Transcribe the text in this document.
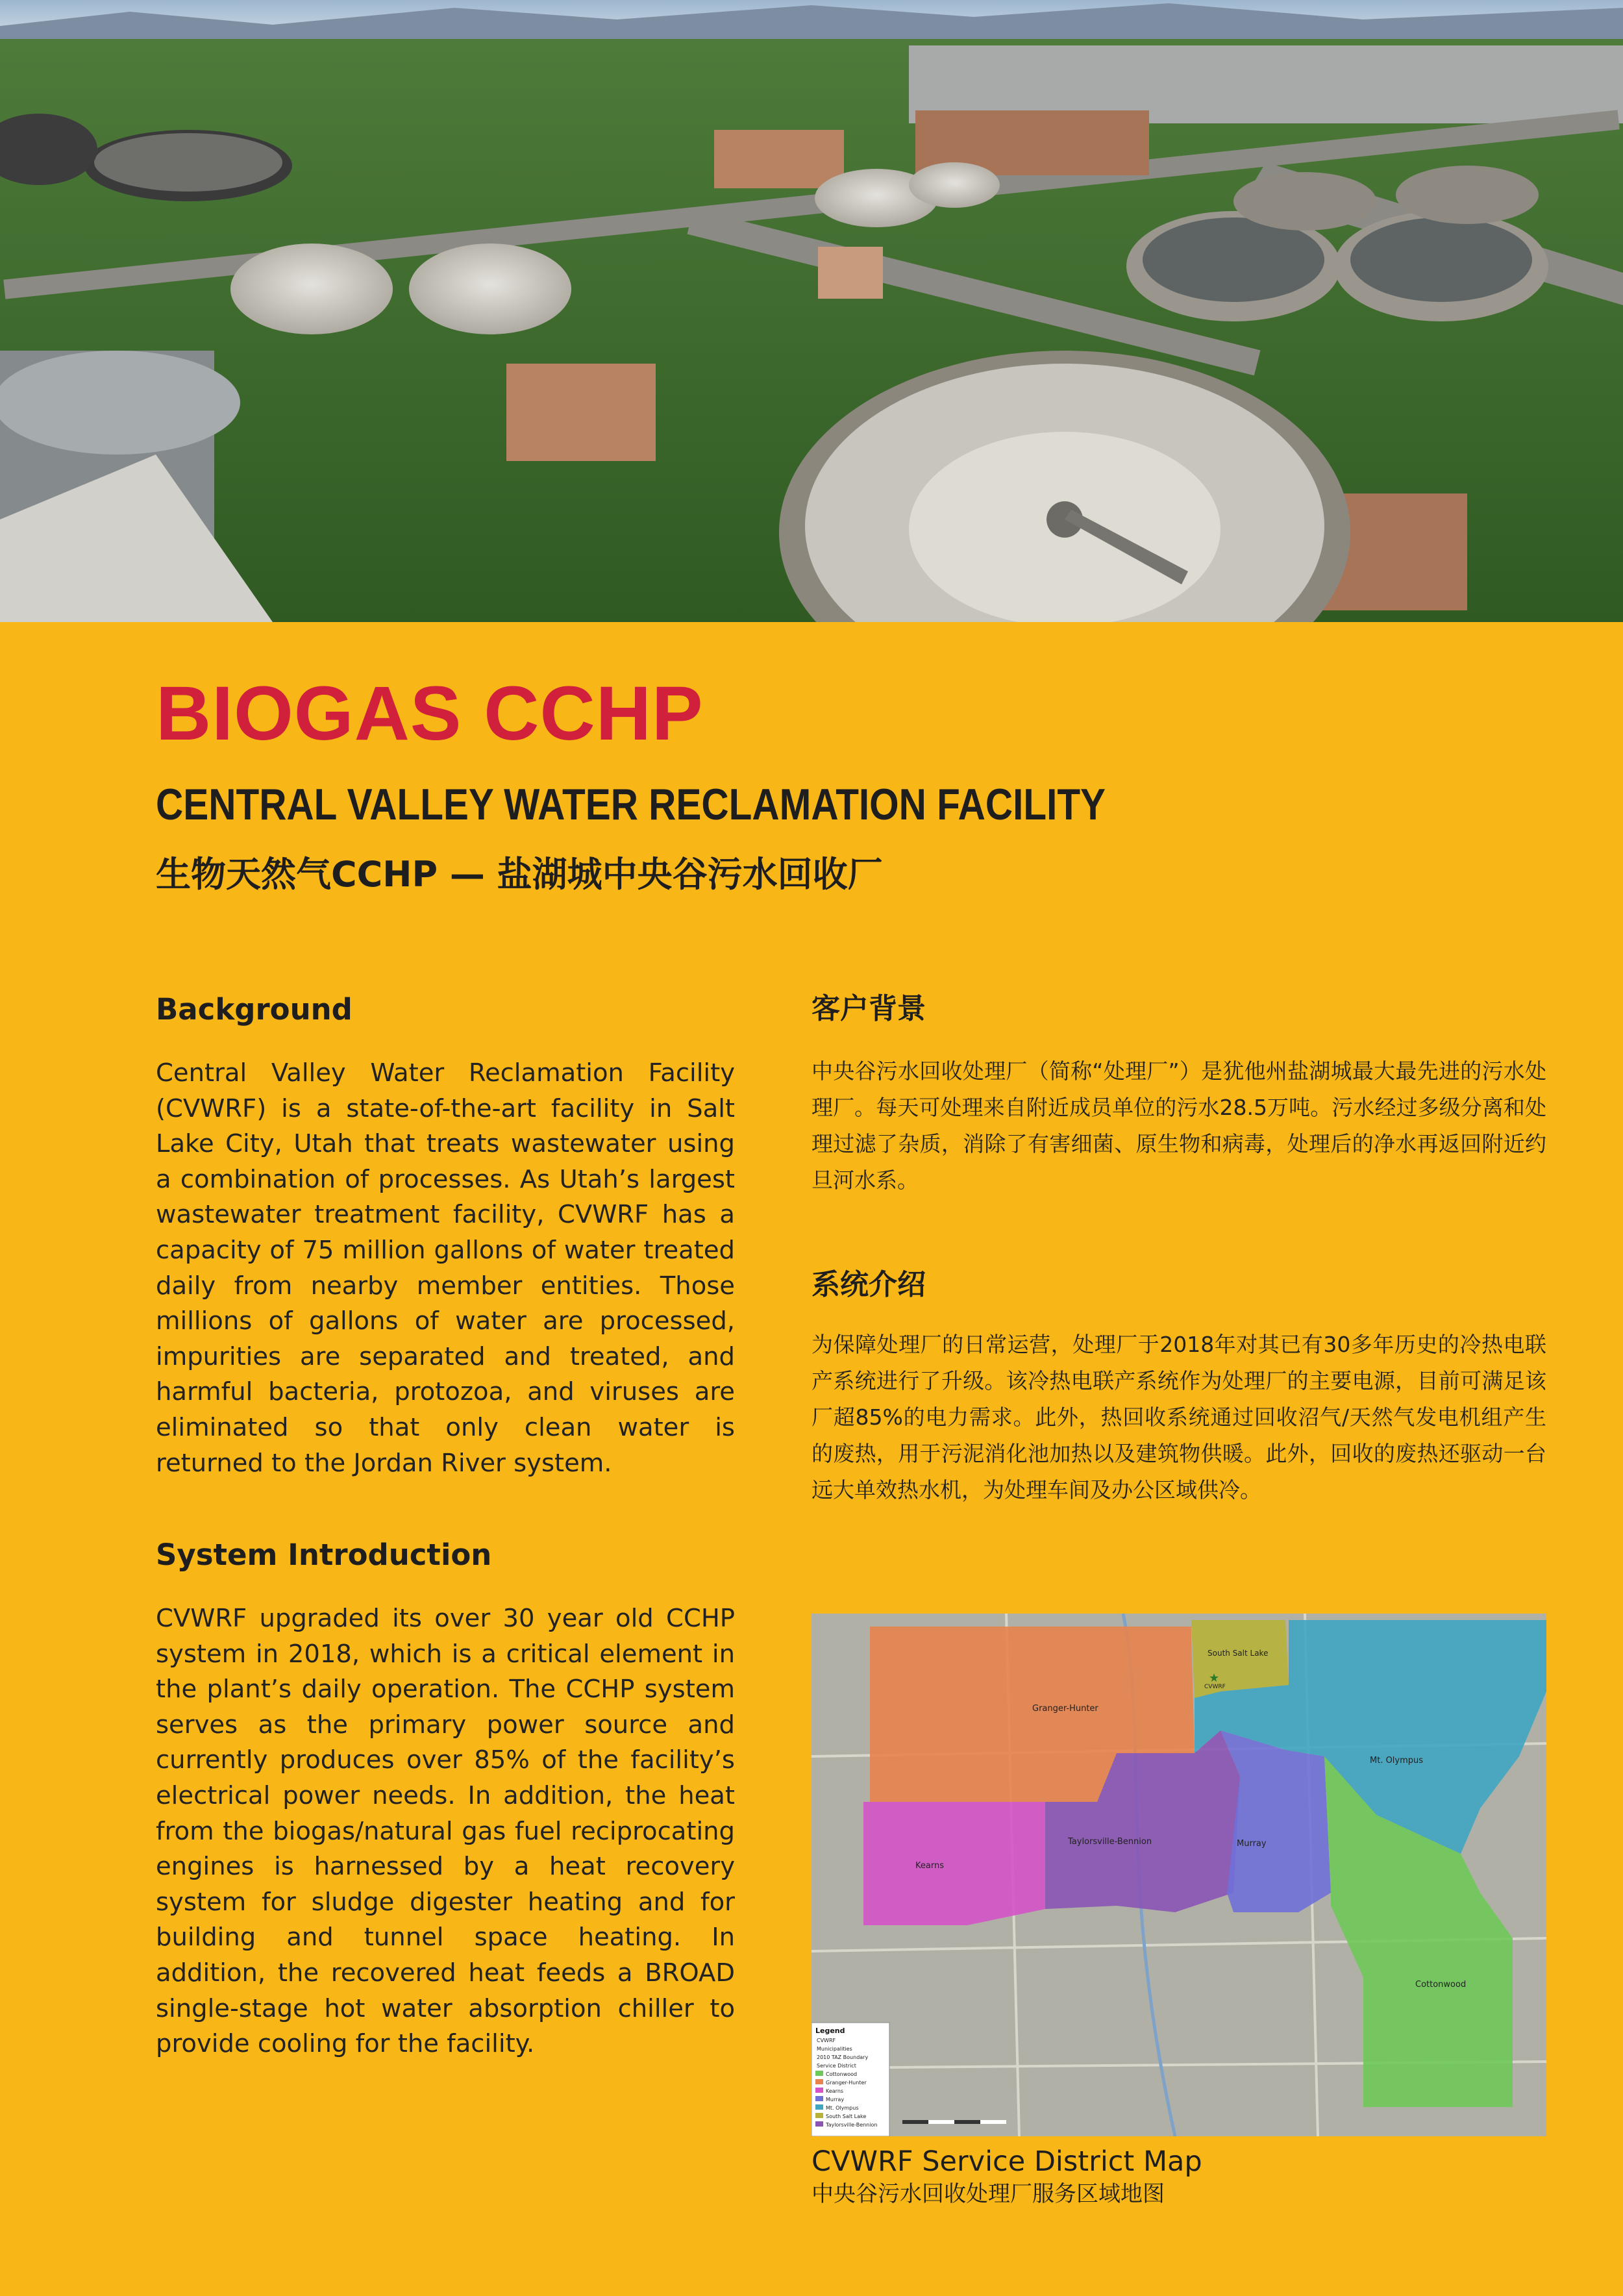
BIOGAS CCHP
CENTRAL VALLEY WATER RECLAMATION FACILITY
生物天然气CCHP — 盐湖城中央谷污水回收厂
Background

Central Valley Water Reclamation Facility (CVWRF) is a state-of-the-art facility in Salt Lake City, Utah that treats wastewater using a combination of processes. As Utah’s largest wastewater treatment facility, CVWRF has a capacity of 75 million gallons of water treated daily from nearby member entities. Those millions of gallons of water are processed, impurities are separated and treated, and harmful bacteria, protozoa, and viruses are eliminated so that only clean water is returned to the Jordan River system.

System Introduction

CVWRF upgraded its over 30 year old CCHP system in 2018, which is a critical element in the plant’s daily operation. The CCHP system serves as the primary power source and currently produces over 85% of the facility’s electrical power needs. In addition, the heat from the biogas/natural gas fuel reciprocating engines is harnessed by a heat recovery system for sludge digester heating and for building and tunnel space heating. In addition, the recovered heat feeds a BROAD single-stage hot water absorption chiller to provide cooling for the facility.

客户背景

中央谷污水回收处理厂（简称“处理厂”）是犹他州盐湖城最大最先进的污水处理厂。每天可处理来自附近成员单位的污水28.5万吨。污水经过多级分离和处理过滤了杂质，消除了有害细菌、原生物和病毒，处理后的净水再返回附近约旦河水系。

系统介绍

为保障处理厂的日常运营，处理厂于2018年对其已有30多年历史的冷热电联产系统进行了升级。该冷热电联产系统作为处理厂的主要电源，目前可满足该厂超85%的电力需求。此外，热回收系统通过回收沼气/天然气发电机组产生的废热，用于污泥消化池加热以及建筑物供暖。此外，回收的废热还驱动一台远大单效热水机，为处理车间及办公区域供冷。

Granger-Hunter
South Salt Lake
CVWRF
Mt. Olympus
Taylorsville-Bennion	Murray
Kearns
Cottonwood
★
Legend
CVWRF
Municipalities
2010 TAZ Boundary
Service District
Cottonwood
Granger-Hunter
Kearns
Murray
Mt. Olympus
South Salt Lake
Taylorsville-Bennion

CVWRF Service District Map

中央谷污水回收处理厂服务区域地图
